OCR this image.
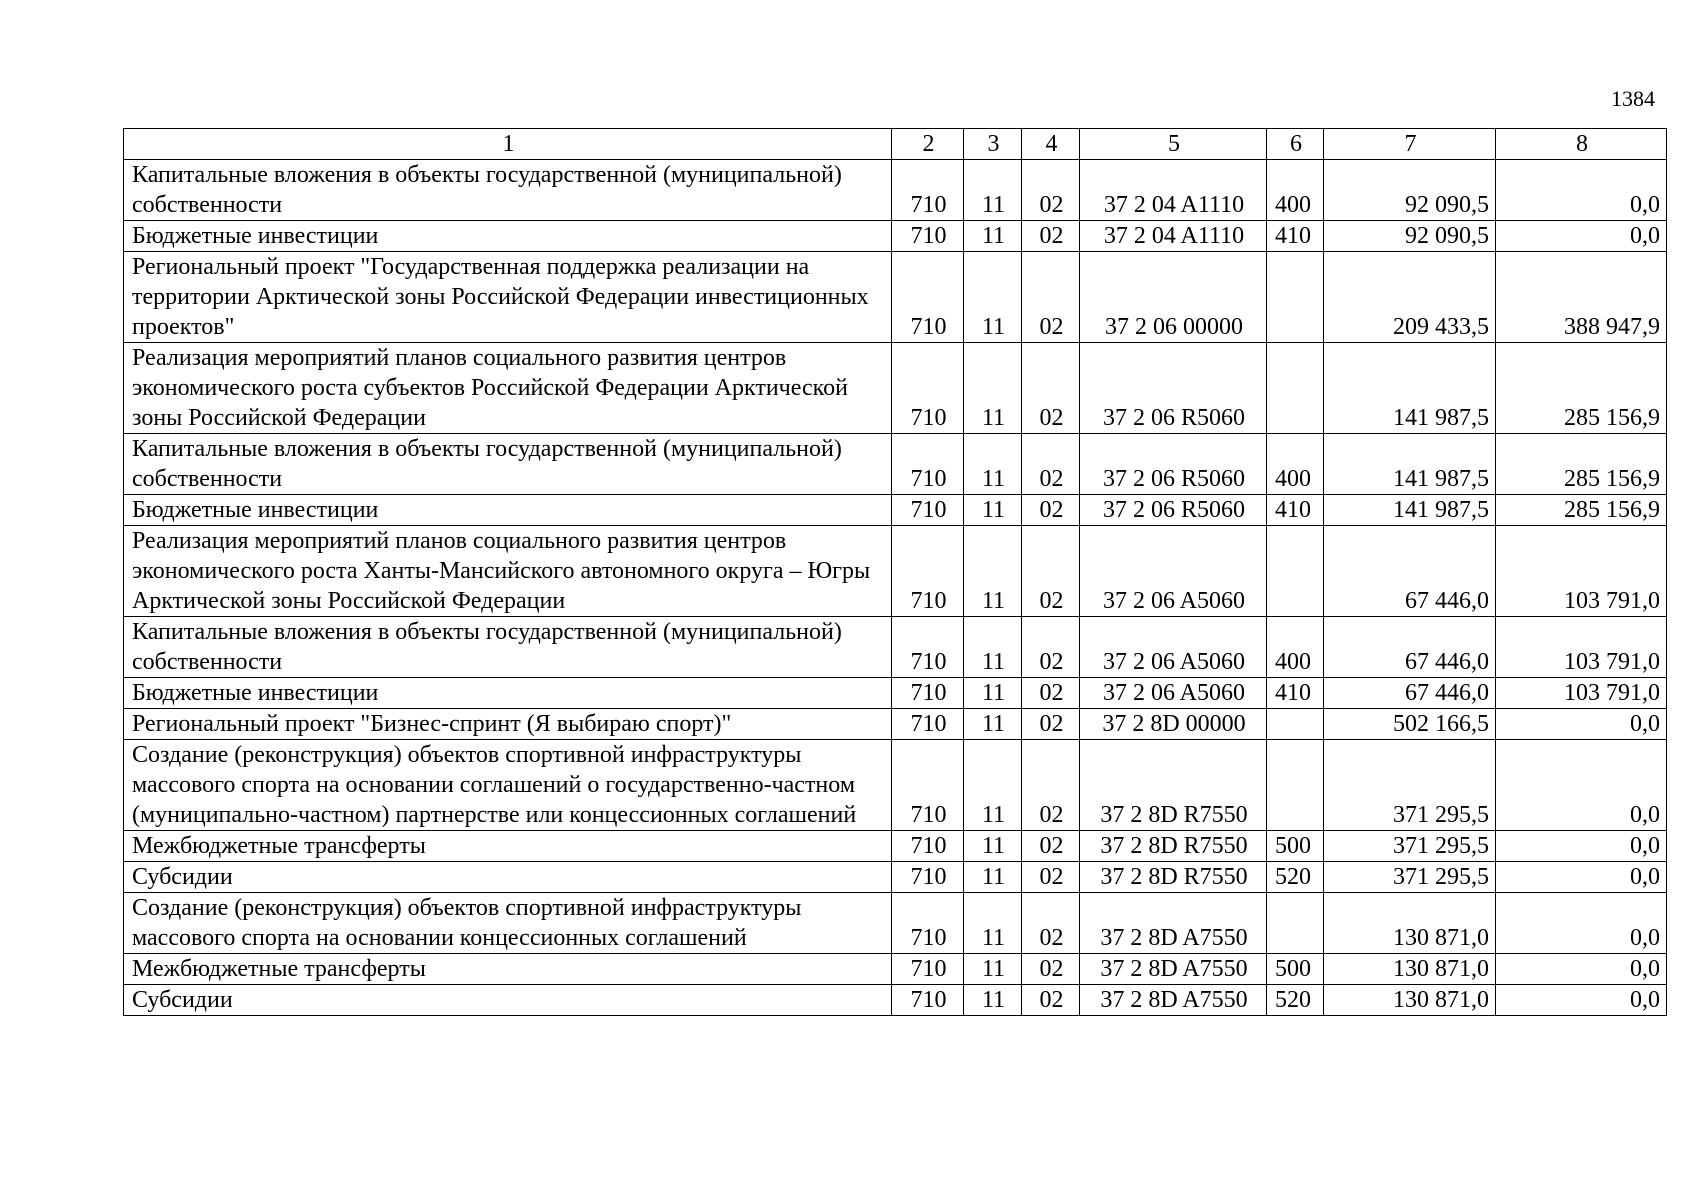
1384
1	2	3	4	5	6	7	8
Капитальные вложения в объекты государственной (муниципальной) собственности	710	11	02	37 2 04 A1110	400	92 090,5	0,0
Бюджетные инвестиции	710	11	02	37 2 04 A1110	410	92 090,5	0,0
Региональный проект "Государственная поддержка реализации на территории Арктической зоны Российской Федерации инвестиционных проектов"	710	11	02	37 2 06 00000		209 433,5	388 947,9
Реализация мероприятий планов социального развития центров экономического роста субъектов Российской Федерации Арктической зоны Российской Федерации	710	11	02	37 2 06 R5060		141 987,5	285 156,9
Капитальные вложения в объекты государственной (муниципальной) собственности	710	11	02	37 2 06 R5060	400	141 987,5	285 156,9
Бюджетные инвестиции	710	11	02	37 2 06 R5060	410	141 987,5	285 156,9
Реализация мероприятий планов социального развития центров экономического роста Ханты-Мансийского автономного округа – Югры Арктической зоны Российской Федерации	710	11	02	37 2 06 A5060		67 446,0	103 791,0
Капитальные вложения в объекты государственной (муниципальной) собственности	710	11	02	37 2 06 A5060	400	67 446,0	103 791,0
Бюджетные инвестиции	710	11	02	37 2 06 A5060	410	67 446,0	103 791,0
Региональный проект "Бизнес-спринт (Я выбираю спорт)"	710	11	02	37 2 8D 00000		502 166,5	0,0
Создание (реконструкция) объектов спортивной инфраструктуры массового спорта на основании соглашений о государственно-частном (муниципально-частном) партнерстве или концессионных соглашений	710	11	02	37 2 8D R7550		371 295,5	0,0
Межбюджетные трансферты	710	11	02	37 2 8D R7550	500	371 295,5	0,0
Субсидии	710	11	02	37 2 8D R7550	520	371 295,5	0,0
Создание (реконструкция) объектов спортивной инфраструктуры массового спорта на основании концессионных соглашений	710	11	02	37 2 8D A7550		130 871,0	0,0
Межбюджетные трансферты	710	11	02	37 2 8D A7550	500	130 871,0	0,0
Субсидии	710	11	02	37 2 8D A7550	520	130 871,0	0,0
